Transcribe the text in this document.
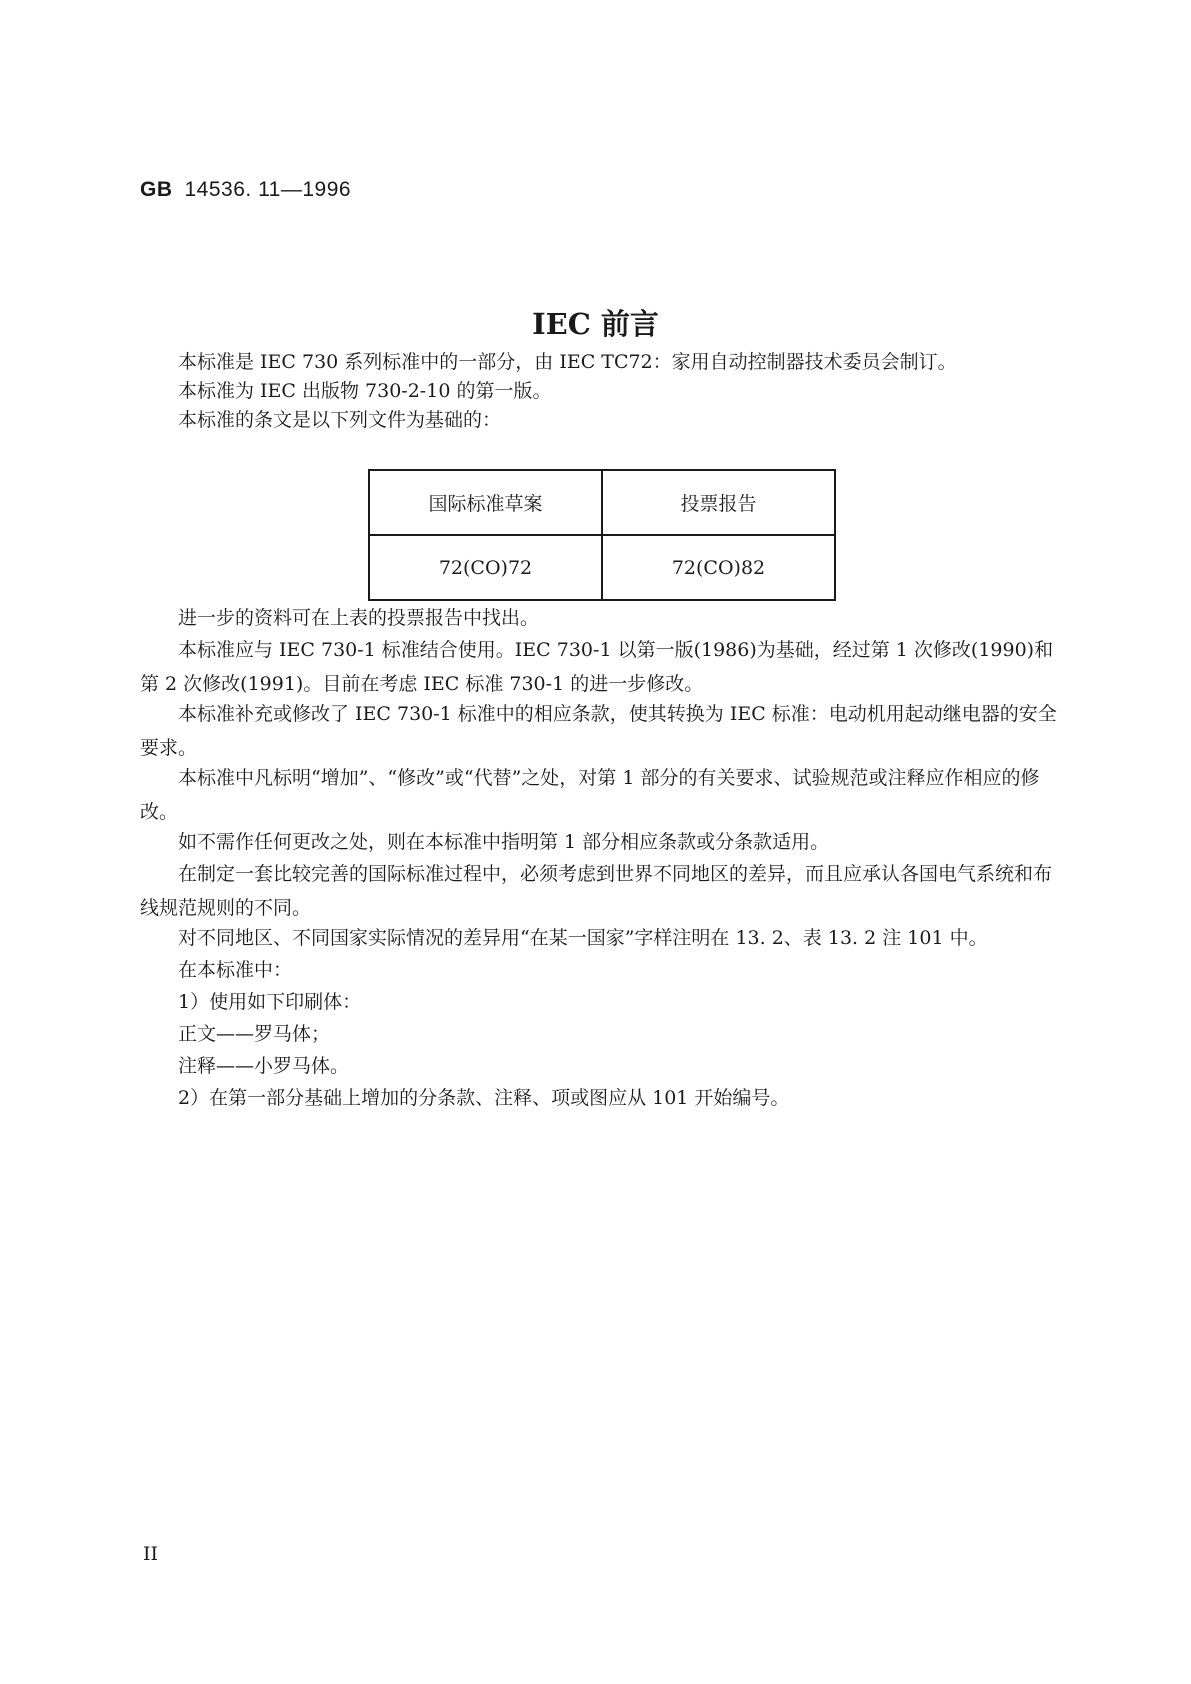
GB 14536. 11—1996
IEC 前言

本标准是 IEC 730 系列标准中的一部分，由 IEC TC72：家用自动控制器技术委员会制订。

本标准为 IEC 出版物 730-2-10 的第一版。

本标准的条文是以下列文件为基础的：

国际标准草案	投票报告
72(CO)72	72(CO)82

进一步的资料可在上表的投票报告中找出。

本标准应与 IEC 730-1 标准结合使用。IEC 730-1 以第一版(1986)为基础，经过第 1 次修改(1990)和第 2 次修改(1991)。目前在考虑 IEC 标准 730-1 的进一步修改。

本标准补充或修改了 IEC 730-1 标准中的相应条款，使其转换为 IEC 标准：电动机用起动继电器的安全要求。

本标准中凡标明“增加”、“修改”或“代替”之处，对第 1 部分的有关要求、试验规范或注释应作相应的修改。

如不需作任何更改之处，则在本标准中指明第 1 部分相应条款或分条款适用。

在制定一套比较完善的国际标准过程中，必须考虑到世界不同地区的差异，而且应承认各国电气系统和布线规范规则的不同。

对不同地区、不同国家实际情况的差异用“在某一国家”字样注明在 13. 2、表 13. 2 注 101 中。

在本标准中：

1）使用如下印刷体：

正文——罗马体；

注释——小罗马体。

2）在第一部分基础上增加的分条款、注释、项或图应从 101 开始编号。

II
